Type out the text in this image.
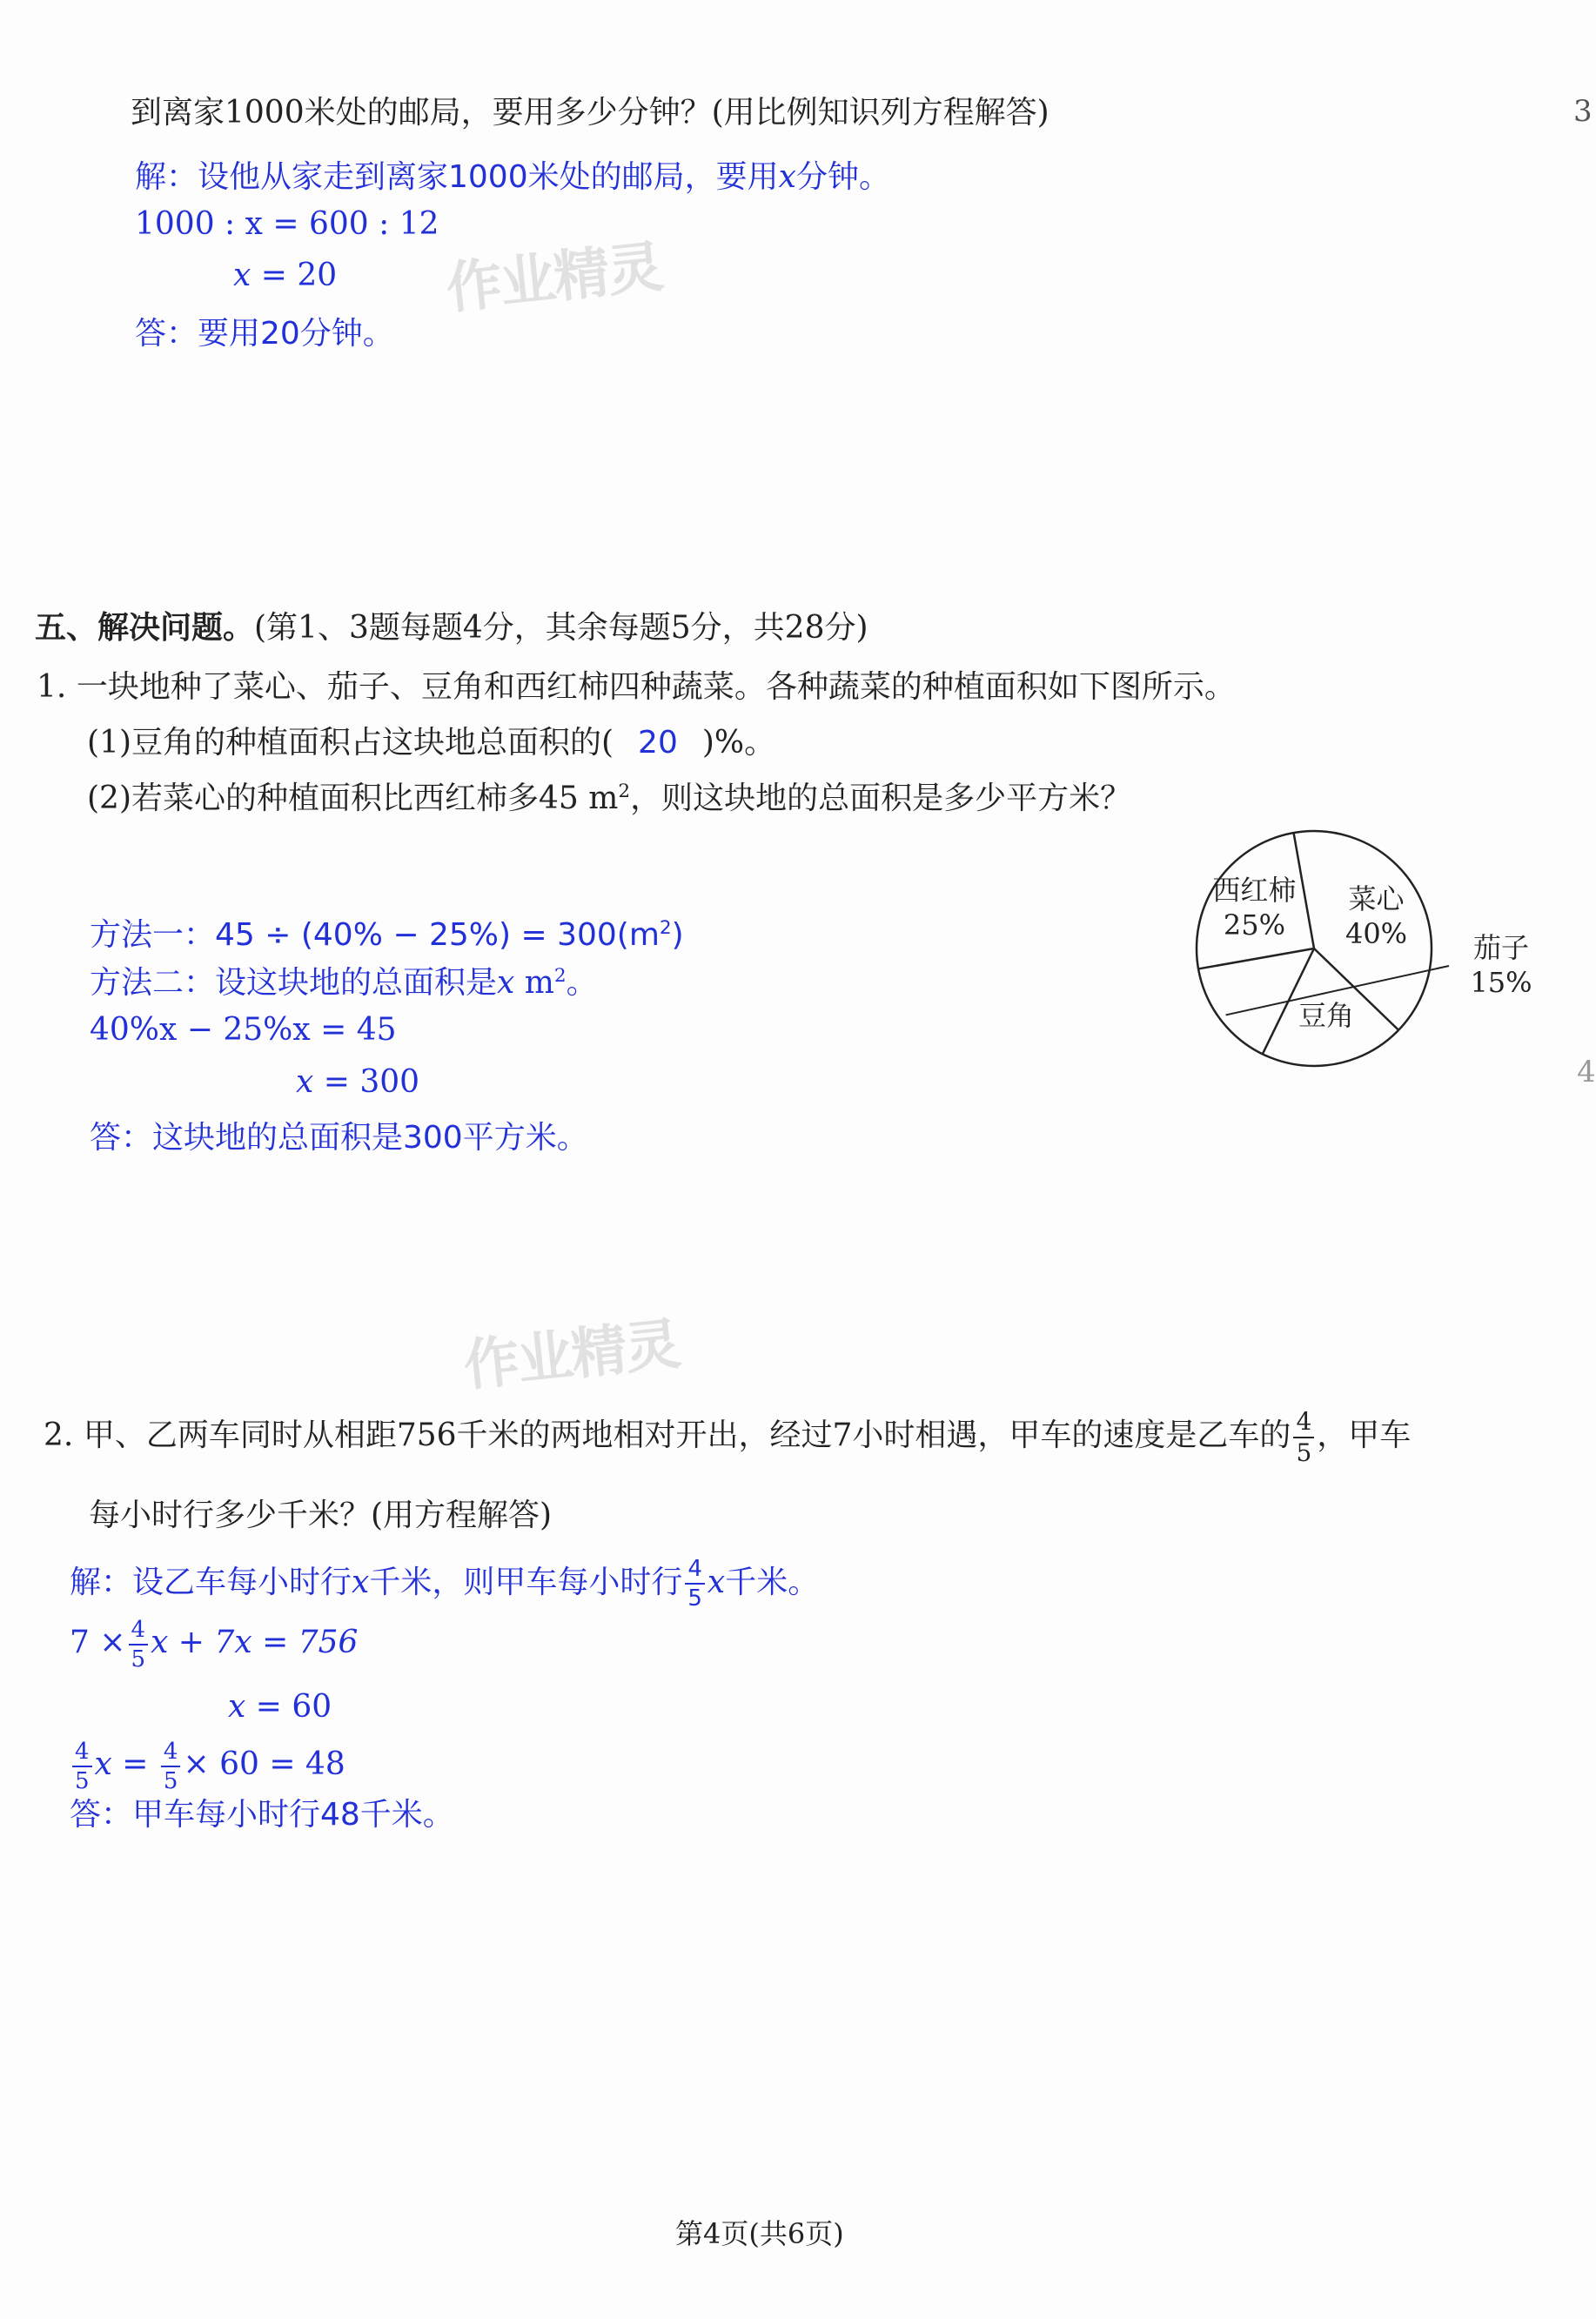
到离家1000米处的邮局，要用多少分钟？(用比例知识列方程解答)	3
解：设他从家走到离家1000米处的邮局，要用x分钟。
1000 : x = 600 : 12
x = 20
答：要用20分钟。
作业精灵
五、解决问题。(第1、3题每题4分，其余每题5分，共28分)
1. 一块地种了菜心、茄子、豆角和西红柿四种蔬菜。各种蔬菜的种植面积如下图所示。
(1)豆角的种植面积占这块地总面积的( 20 )%。
(2)若菜心的种植面积比西红柿多45 $m^2$，则这块地的总面积是多少平方米？
方法一：$45 \div (40\% - 25\%) = 300(m^2)$
方法二：设这块地的总面积是x $m^2$。
40%x − 25%x = 45
x = 300
答：这块地的总面积是300平方米。
菜心
40%
豆角
茄子
15%
西红柿
25%
4
作业精灵
2. 甲、乙两车同时从相距756千米的两地相对开出，经过7小时相遇，甲车的速度是乙车的 $\frac{4}{5}$ ，甲车
每小时行多少千米？(用方程解答)
解：设乙车每小时行x千米，则甲车每小时行 $\frac{4}{5}$ x千米。
$7 \times \frac{4}{5}$ x + 7x = 756
x = 60
$\frac{4}{5}$ $x = \frac{4}{5} \times 60 = 48$
答：甲车每小时行48千米。
第4页(共6页)
